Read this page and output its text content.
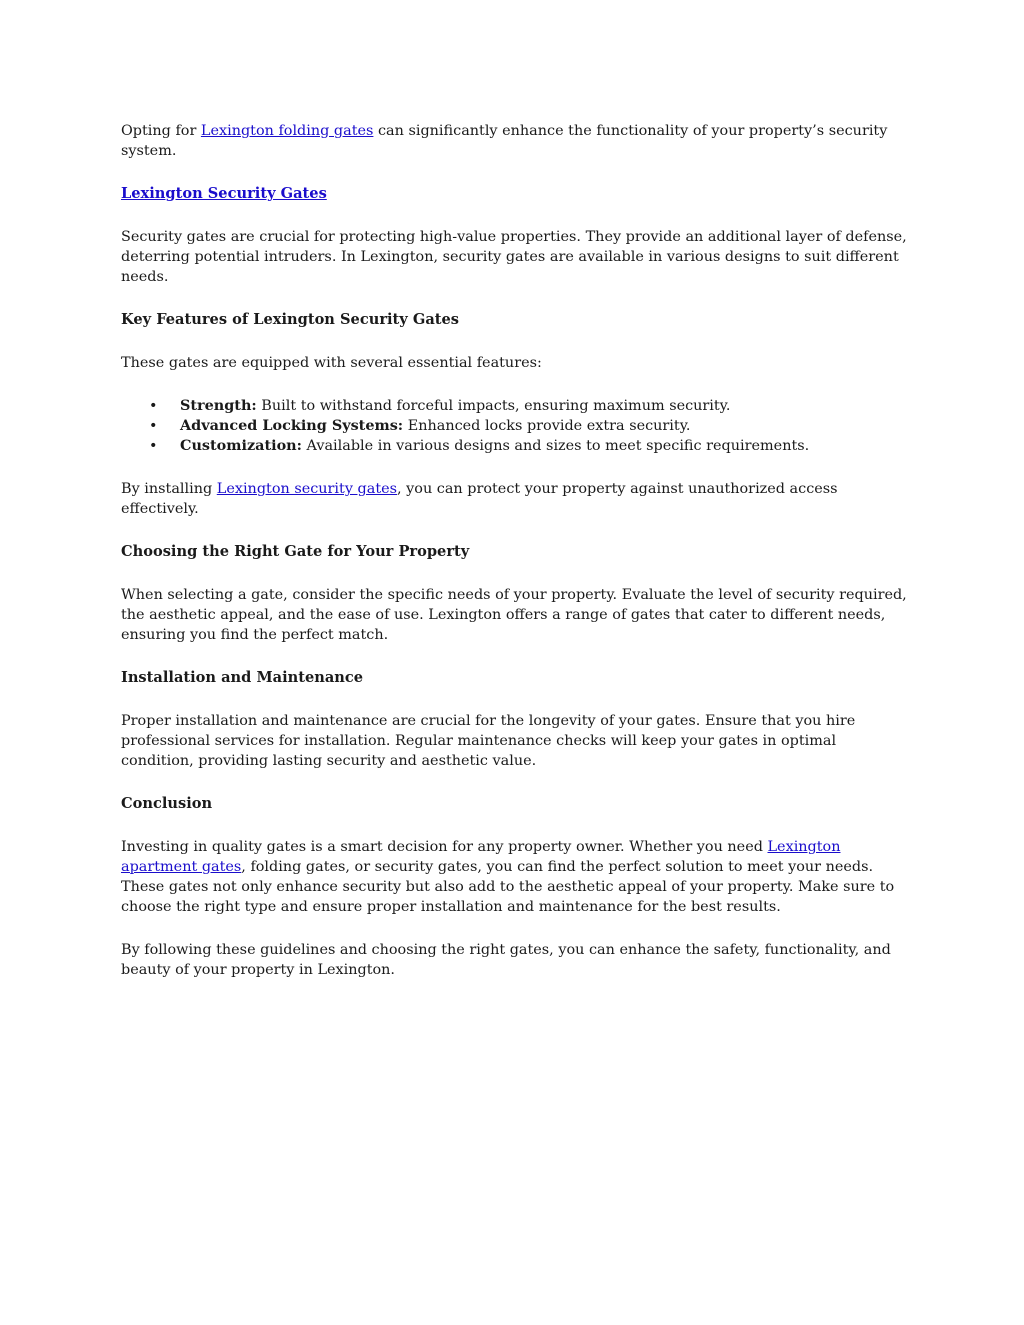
Opting for Lexington folding gates can significantly enhance the functionality of your property’s security system.

Lexington Security Gates

Security gates are crucial for protecting high-value properties. They provide an additional layer of defense, deterring potential intruders. In Lexington, security gates are available in various designs to suit different needs.

Key Features of Lexington Security Gates

These gates are equipped with several essential features:

• Strength: Built to withstand forceful impacts, ensuring maximum security.
• Advanced Locking Systems: Enhanced locks provide extra security.
• Customization: Available in various designs and sizes to meet specific requirements.

By installing Lexington security gates, you can protect your property against unauthorized access effectively.

Choosing the Right Gate for Your Property

When selecting a gate, consider the specific needs of your property. Evaluate the level of security required, the aesthetic appeal, and the ease of use. Lexington offers a range of gates that cater to different needs, ensuring you find the perfect match.

Installation and Maintenance

Proper installation and maintenance are crucial for the longevity of your gates. Ensure that you hire professional services for installation. Regular maintenance checks will keep your gates in optimal condition, providing lasting security and aesthetic value.

Conclusion

Investing in quality gates is a smart decision for any property owner. Whether you need Lexington apartment gates, folding gates, or security gates, you can find the perfect solution to meet your needs. These gates not only enhance security but also add to the aesthetic appeal of your property. Make sure to choose the right type and ensure proper installation and maintenance for the best results.

By following these guidelines and choosing the right gates, you can enhance the safety, functionality, and beauty of your property in Lexington.
